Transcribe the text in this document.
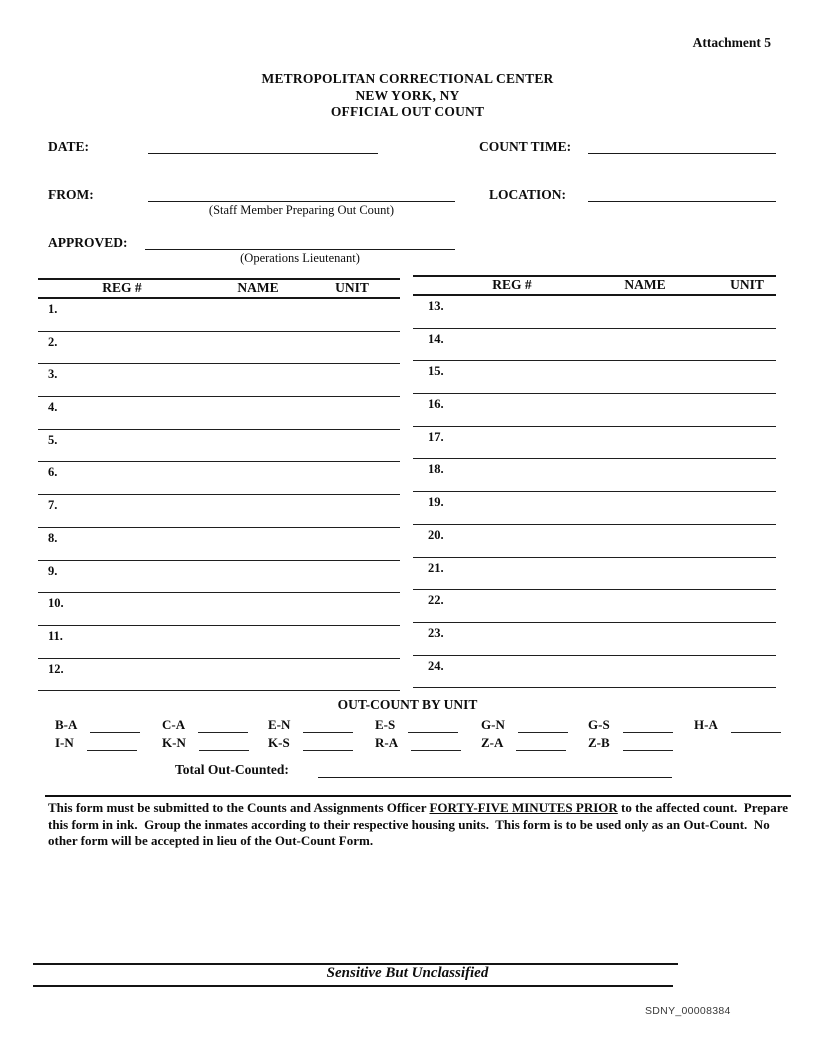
Attachment 5
METROPOLITAN CORRECTIONAL CENTER
NEW YORK, NY
OFFICIAL OUT COUNT
DATE:	COUNT TIME:
FROM:
(Staff Member Preparing Out Count)
LOCATION:
APPROVED:
(Operations Lieutenant)
REG #	NAME	UNIT
1.
2.
3.
4.
5.
6.
7.
8.
9.
10.
11.
12.
REG #	NAME	UNIT
13.
14.
15.
16.
17.
18.
19.
20.
21.
22.
23.
24.
OUT-COUNT BY UNIT
B-A	C-A	E-N	E-S	G-N	G-S	H-A
I-N	K-N	K-S	R-A	Z-A	Z-B
Total Out-Counted:
This form must be submitted to the Counts and Assignments Officer FORTY-FIVE MINUTES PRIOR to the affected count.  Prepare this form in ink.  Group the inmates according to their respective housing units.  This form is to be used only as an Out-Count.  No other form will be accepted in lieu of the Out-Count Form.
Sensitive But Unclassified
SDNY_00008384
